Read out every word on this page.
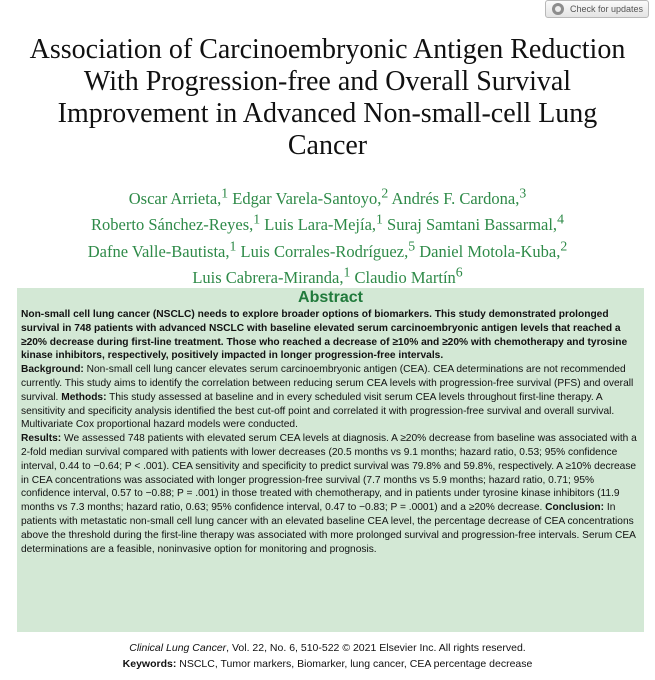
Check for updates
Association of Carcinoembryonic Antigen Reduction With Progression-free and Overall Survival Improvement in Advanced Non-small-cell Lung Cancer
Oscar Arrieta,$^1$ Edgar Varela-Santoyo,$^2$ Andrés F. Cardona,$^3$
Roberto Sánchez-Reyes,$^1$ Luis Lara-Mejía,$^1$ Suraj Samtani Bassarmal,$^4$
Dafne Valle-Bautista,$^1$ Luis Corrales-Rodríguez,$^5$ Daniel Motola-Kuba,$^2$
Luis Cabrera-Miranda,$^1$ Claudio Martín$^6$
Abstract

Non-small cell lung cancer (NSCLC) needs to explore broader options of biomarkers. This study demonstrated prolonged survival in 748 patients with advanced NSCLC with baseline elevated serum carcinoembryonic antigen levels that reached a ≥20% decrease during first-line treatment. Those who reached a decrease of ≥10% and ≥20% with chemotherapy and tyrosine kinase inhibitors, respectively, positively impacted in longer progression-free intervals.

Background: Non-small cell lung cancer elevates serum carcinoembryonic antigen (CEA). CEA determinations are not recommended currently. This study aims to identify the correlation between reducing serum CEA levels with progression-free survival (PFS) and overall survival. Methods: This study assessed at baseline and in every scheduled visit serum CEA levels throughout first-line therapy. A sensitivity and specificity analysis identified the best cut-off point and correlated it with progression-free survival and overall survival. Multivariate Cox proportional hazard models were conducted.

Results: We assessed 748 patients with elevated serum CEA levels at diagnosis. A ≥20% decrease from baseline was associated with a 2-fold median survival compared with patients with lower decreases (20.5 months vs 9.1 months; hazard ratio, 0.53; 95% confidence interval, 0.44 to −0.64; P < .001). CEA sensitivity and specificity to predict survival was 79.8% and 59.8%, respectively. A ≥10% decrease in CEA concentrations was associated with longer progression-free survival (7.7 months vs 5.9 months; hazard ratio, 0.71; 95% confidence interval, 0.57 to −0.88; P = .001) in those treated with chemotherapy, and in patients under tyrosine kinase inhibitors (11.9 months vs 7.3 months; hazard ratio, 0.63; 95% confidence interval, 0.47 to −0.83; P = .0001) and a ≥20% decrease. Conclusion: In patients with metastatic non-small cell lung cancer with an elevated baseline CEA level, the percentage decrease of CEA concentrations above the threshold during the first-line therapy was associated with more prolonged survival and progression-free intervals. Serum CEA determinations are a feasible, noninvasive option for monitoring and prognosis.

Clinical Lung Cancer, Vol. 22, No. 6, 510-522 © 2021 Elsevier Inc. All rights reserved.
Keywords: NSCLC, Tumor markers, Biomarker, lung cancer, CEA percentage decrease
